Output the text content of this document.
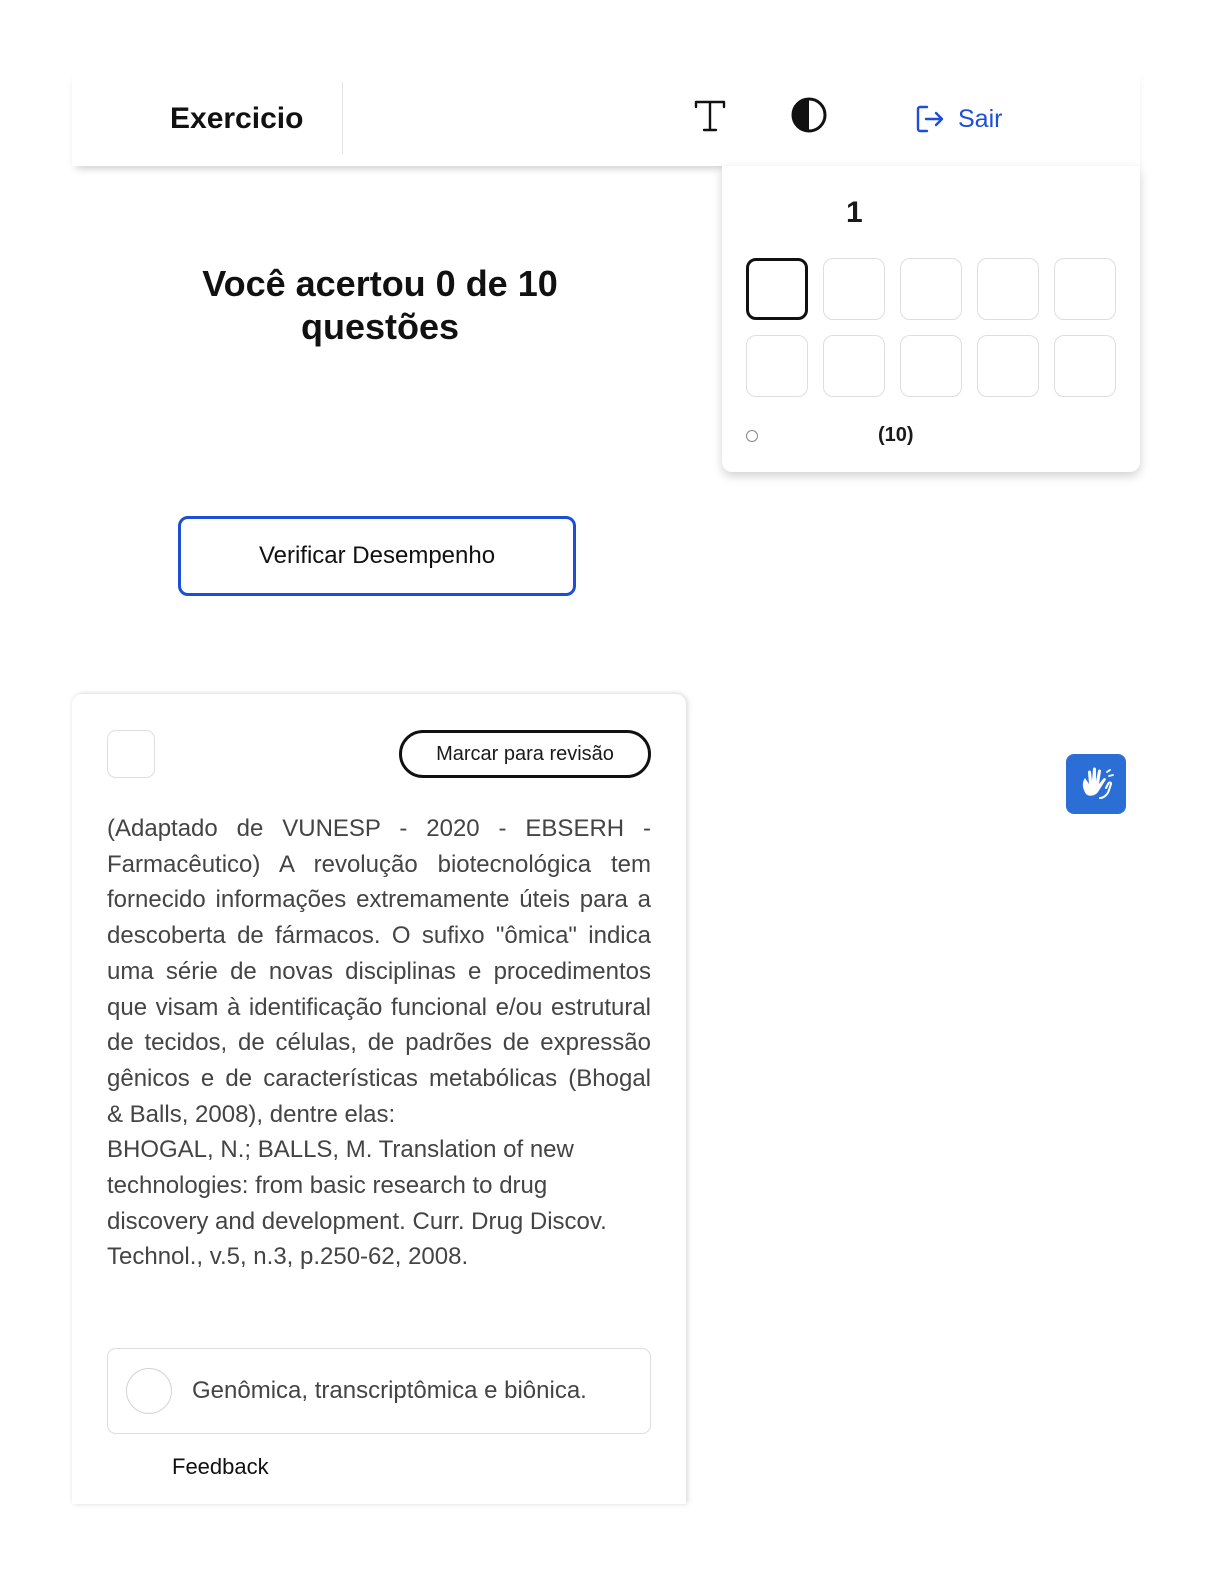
Exercicio	Sair
Você acertou 0 de 10 questões
Verificar Desempenho
1
(10)
Marcar para revisão
(Adaptado de VUNESP - 2020 - EBSERH - Farmacêutico) A revolução biotecnológica tem fornecido informações extremamente úteis para a descoberta de fármacos. O sufixo "ômica" indica uma série de novas disciplinas e procedimentos que visam à identificação funcional e/ou estrutural de tecidos, de células, de padrões de expressão gênicos e de características metabólicas (Bhogal & Balls, 2008), dentre elas:
BHOGAL, N.; BALLS, M. Translation of new technologies: from basic research to drug discovery and development. Curr. Drug Discov. Technol., v.5, n.3, p.250-62, 2008.
Genômica, transcriptômica e biônica.
Feedback
